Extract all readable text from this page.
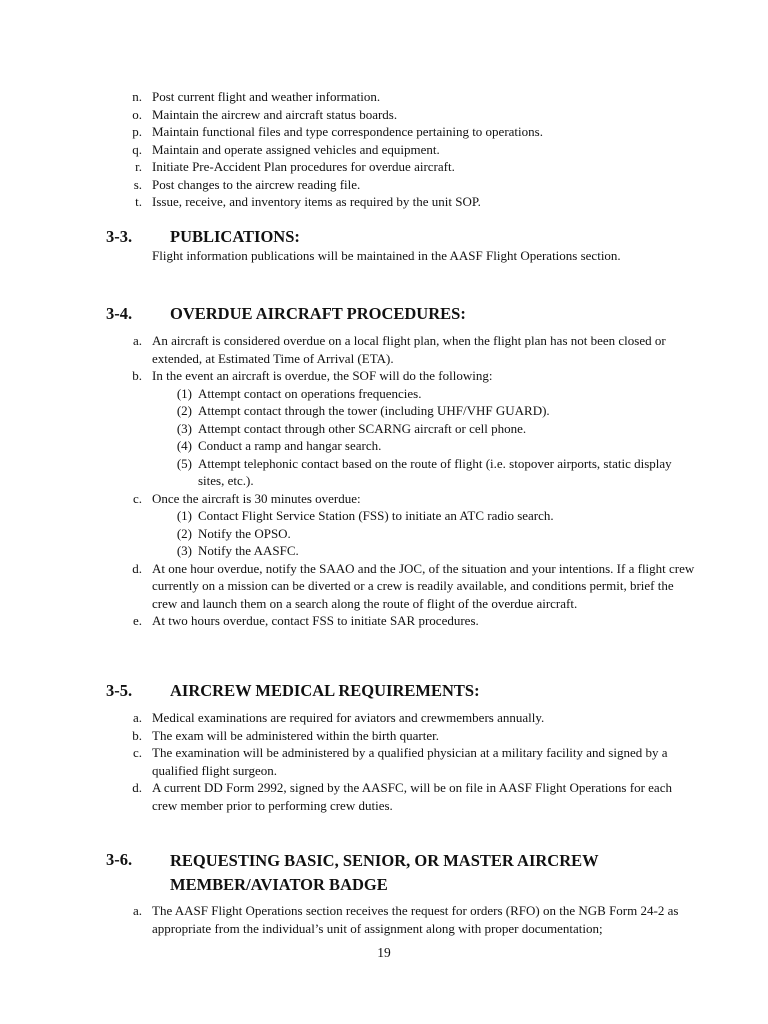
n. Post current flight and weather information.
o. Maintain the aircrew and aircraft status boards.
p. Maintain functional files and type correspondence pertaining to operations.
q. Maintain and operate assigned vehicles and equipment.
r. Initiate Pre-Accident Plan procedures for overdue aircraft.
s. Post changes to the aircrew reading file.
t. Issue, receive, and inventory items as required by the unit SOP.
3-3. PUBLICATIONS:
Flight information publications will be maintained in the AASF Flight Operations section.
3-4. OVERDUE AIRCRAFT PROCEDURES:
a. An aircraft is considered overdue on a local flight plan, when the flight plan has not been closed or extended, at Estimated Time of Arrival (ETA).
b. In the event an aircraft is overdue, the SOF will do the following:
(1) Attempt contact on operations frequencies.
(2) Attempt contact through the tower (including UHF/VHF GUARD).
(3) Attempt contact through other SCARNG aircraft or cell phone.
(4) Conduct a ramp and hangar search.
(5) Attempt telephonic contact based on the route of flight (i.e. stopover airports, static display sites, etc.).
c. Once the aircraft is 30 minutes overdue:
(1) Contact Flight Service Station (FSS) to initiate an ATC radio search.
(2) Notify the OPSO.
(3) Notify the AASFC.
d. At one hour overdue, notify the SAAO and the JOC, of the situation and your intentions. If a flight crew currently on a mission can be diverted or a crew is readily available, and conditions permit, brief the crew and launch them on a search along the route of flight of the overdue aircraft.
e. At two hours overdue, contact FSS to initiate SAR procedures.
3-5. AIRCREW MEDICAL REQUIREMENTS:
a. Medical examinations are required for aviators and crewmembers annually.
b. The exam will be administered within the birth quarter.
c. The examination will be administered by a qualified physician at a military facility and signed by a qualified flight surgeon.
d. A current DD Form 2992, signed by the AASFC, will be on file in AASF Flight Operations for each crew member prior to performing crew duties.
3-6. REQUESTING BASIC, SENIOR, OR MASTER AIRCREW MEMBER/AVIATOR BADGE
a. The AASF Flight Operations section receives the request for orders (RFO) on the NGB Form 24-2 as appropriate from the individual’s unit of assignment along with proper documentation;
19
